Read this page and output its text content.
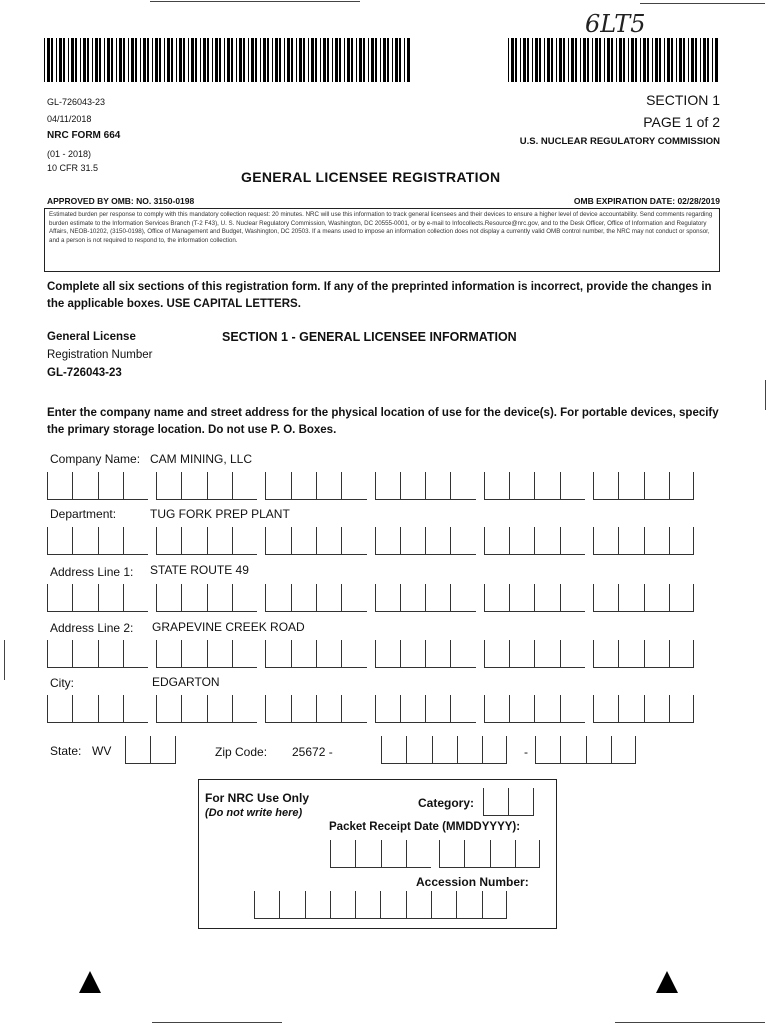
6LT5
GL-726043-23
04/11/2018
NRC FORM 664
(01 - 2018)
10 CFR 31.5
SECTION 1
PAGE 1 of 2
U.S. NUCLEAR REGULATORY COMMISSION
GENERAL LICENSEE REGISTRATION
APPROVED BY OMB: NO. 3150-0198	OMB EXPIRATION DATE: 02/28/2019
Estimated burden per response to comply with this mandatory collection request: 20 minutes. NRC will use this information to track general licensees and their devices to ensure a higher level of device accountability. Send comments regarding burden estimate to the Information Services Branch (T-2 F43), U. S. Nuclear Regulatory Commission, Washington, DC 20555-0001, or by e-mail to Infocollects.Resource@nrc.gov, and to the Desk Officer, Office of Information and Regulatory Affairs, NEOB-10202, (3150-0198), Office of Management and Budget, Washington, DC 20503. If a means used to impose an information collection does not display a currently valid OMB control number, the NRC may not conduct or sponsor, and a person is not required to respond to, the information collection.
Complete all six sections of this registration form. If any of the preprinted information is incorrect, provide the changes in the applicable boxes. USE CAPITAL LETTERS.
General License
Registration Number
GL-726043-23
SECTION 1 - GENERAL LICENSEE INFORMATION
Enter the company name and street address for the physical location of use for the device(s). For portable devices, specify the primary storage location. Do not use P. O. Boxes.
Company Name: CAM MINING, LLC
Department:	TUG FORK PREP PLANT
Address Line 1: STATE ROUTE 49
Address Line 2: GRAPEVINE CREEK ROAD
City:	EDGARTON
State: WV	Zip Code: 25672 -	-
For NRC Use Only
(Do not write here)
Category:
Packet Receipt Date (MMDDYYYY):
Accession Number:
